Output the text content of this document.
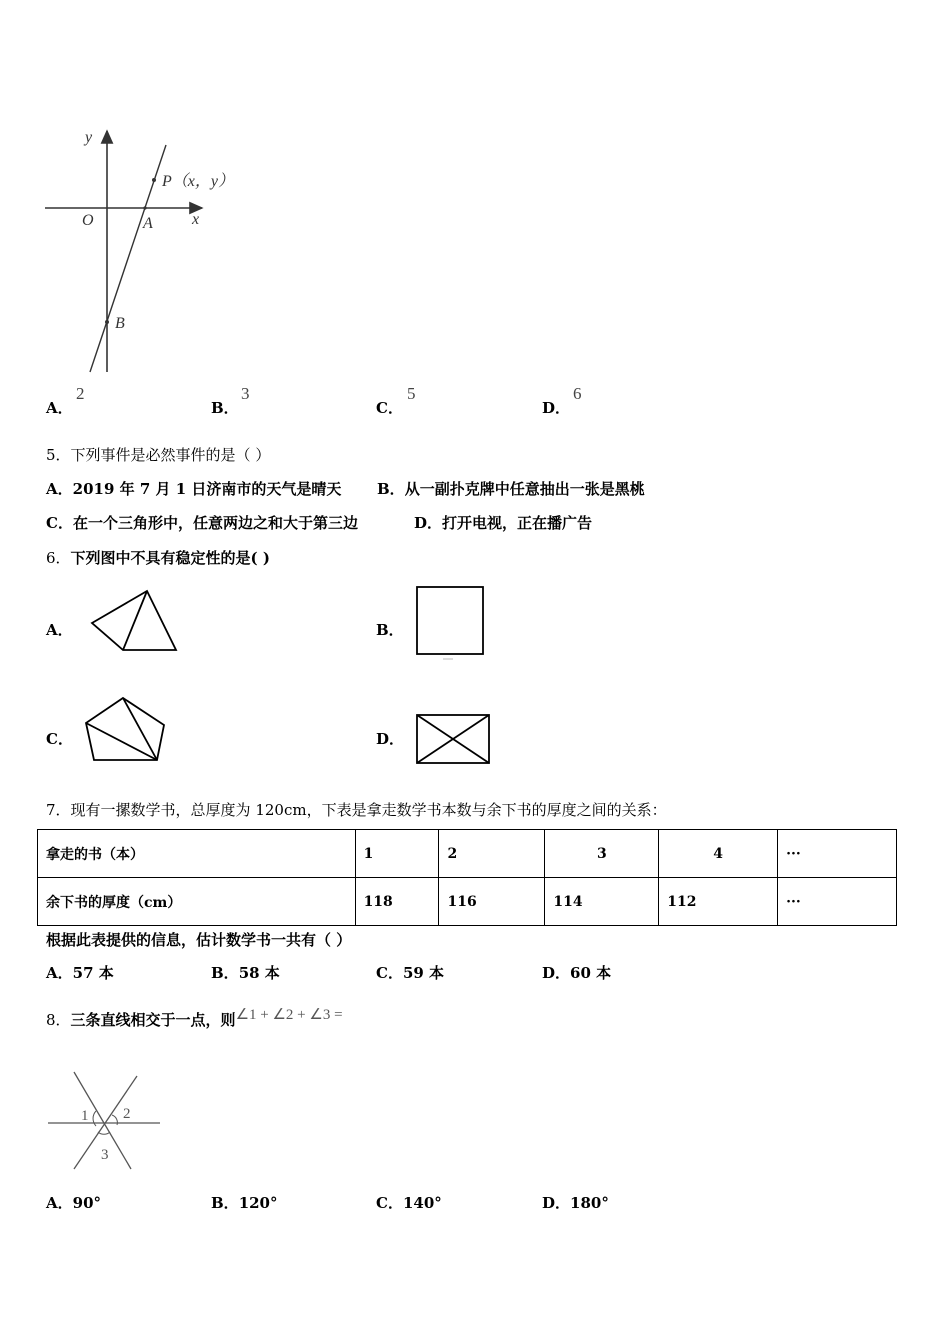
y
x
O	A
B
P（x，y）
A．
2
B．
3
C．
5
D．
6
5．下列事件是必然事件的是（ ）
A．2019 年 7 月 1 日济南市的天气是晴天 B．从一副扑克牌中任意抽出一张是黑桃
C．在一个三角形中，任意两边之和大于第三边	D．打开电视，正在播广告
6．下列图中不具有稳定性的是( )
A．	B．
C．	D．
7．现有一摞数学书，总厚度为 120cm，下表是拿走数学书本数与余下书的厚度之间的关系：
拿走的书（本）	1	2	3	4	···
余下书的厚度（cm）	118	116	114	112	···
根据此表提供的信息，估计数学书一共有（ ）
A．57 本	B．58 本	C．59 本	D．60 本
8．三条直线相交于一点，则∠1 + ∠2 + ∠3 =
1 2
3
A．90°	B．120°	C．140°	D．180°
